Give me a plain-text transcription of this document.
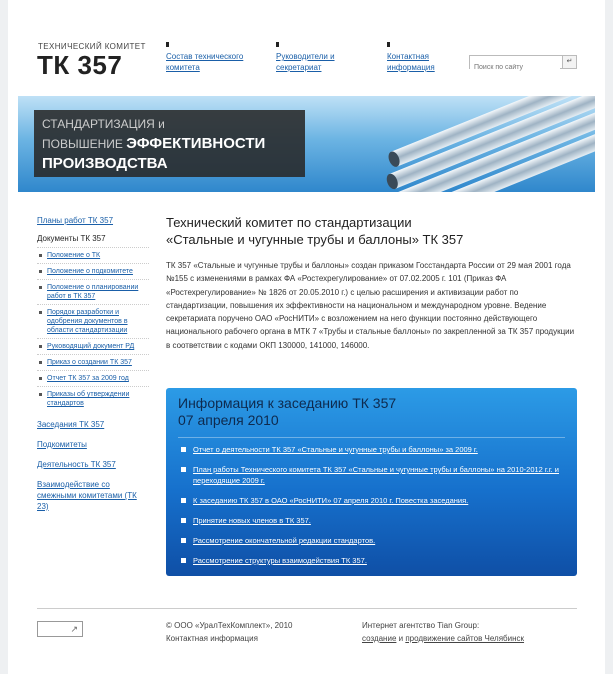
ТЕХНИЧЕСКИЙ КОМИТЕТ
ТК 357	Состав технического комитета
Руководители и секретариат
Контактная информация
Поиск по сайту
↵
СТАНДАРТИЗАЦИЯ и
ПОВЫШЕНИЕ ЭФФЕКТИВНОСТИ
ПРОИЗВОДСТВА
Планы работ ТК 357
Документы ТК 357
Положение о ТК
Положение о подкомитете
Положение о планировании работ в ТК 357
Порядок разработки и одобрения документов в области стандартизации
Руководящий документ РД
Приказ о создании ТК 357
Отчет ТК 357 за 2009 год
Приказы об утверждении стандартов
Заседания ТК 357
Подкомитеты
Деятельность ТК 357
Взаимодействие со смежными комитетами (ТК 23)
Технический комитет по стандартизации
«Стальные и чугунные трубы и баллоны» ТК 357

ТК 357 «Стальные и чугунные трубы и баллоны» создан приказом Госстандарта России от 29 мая 2001 года №155 с изменениями в рамках ФА «Ростехрегулирование» от 07.02.2005 г. 101 (Приказ ФА «Ростехрегулирование» № 1826 от 20.05.2010 г.) с целью расширения и активизации работ по стандартизации, повышения их эффективности на национальном и международном уровне. Ведение секретариата поручено ОАО «РосНИТИ» с возложением на него функции постоянно действующего национального рабочего органа в МТК 7 «Трубы и стальные баллоны» по закрепленной за ТК 357 продукции в соответствии с кодами ОКП 130000, 141000, 146000.

Информация к заседанию ТК 357
07 апреля 2010
Отчет о деятельности ТК 357 «Стальные и чугунные трубы и баллоны» за 2009 г.
План работы Технического комитета ТК 357 «Стальные и чугунные трубы и баллоны» на 2010-2012 г.г. и переходящие 2009 г.
К заседанию ТК 357 в ОАО «РосНИТИ» 07 апреля 2010 г. Повестка заседания.
Принятие новых членов в ТК 357.
Рассмотрение окончательной редакции стандартов.
Рассмотрение структуры взаимодействия ТК 357.
↗	© ООО «УралТехКомплект», 2010
Контактная информация
Интернет агентство Tian Group:
создание и продвижение сайтов Челябинск
